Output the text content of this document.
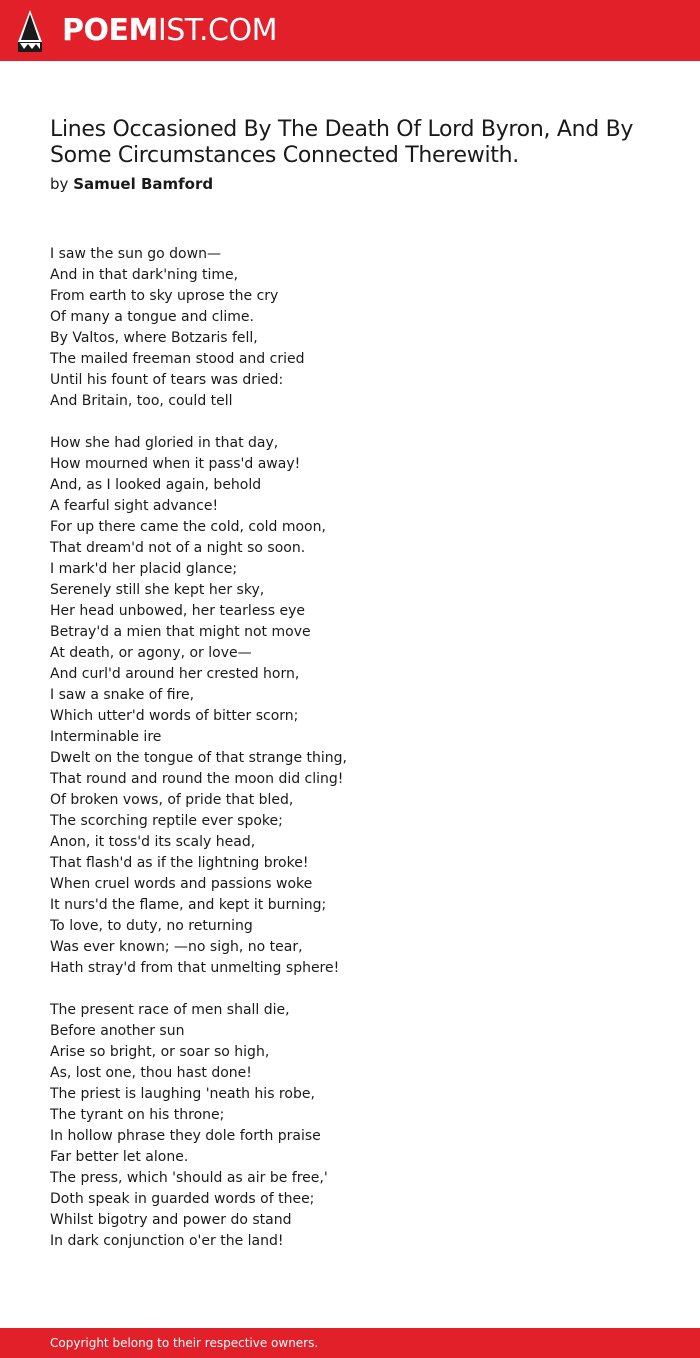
POEMIST.COM
Lines Occasioned By The Death Of Lord Byron, And By Some Circumstances Connected Therewith.
by Samuel Bamford
I saw the sun go down—
And in that dark'ning time,
From earth to sky uprose the cry
Of many a tongue and clime.
By Valtos, where Botzaris fell,
The mailed freeman stood and cried
Until his fount of tears was dried:
And Britain, too, could tell
How she had gloried in that day,
How mourned when it pass'd away!
And, as I looked again, behold
A fearful sight advance!
For up there came the cold, cold moon,
That dream'd not of a night so soon.
I mark'd her placid glance;
Serenely still she kept her sky,
Her head unbowed, her tearless eye
Betray'd a mien that might not move
At death, or agony, or love—
And curl'd around her crested horn,
I saw a snake of fire,
Which utter'd words of bitter scorn;
Interminable ire
Dwelt on the tongue of that strange thing,
That round and round the moon did cling!
Of broken vows, of pride that bled,
The scorching reptile ever spoke;
Anon, it toss'd its scaly head,
That flash'd as if the lightning broke!
When cruel words and passions woke
It nurs'd the flame, and kept it burning;
To love, to duty, no returning
Was ever known; —no sigh, no tear,
Hath stray'd from that unmelting sphere!
The present race of men shall die,
Before another sun
Arise so bright, or soar so high,
As, lost one, thou hast done!
The priest is laughing 'neath his robe,
The tyrant on his throne;
In hollow phrase they dole forth praise
Far better let alone.
The press, which 'should as air be free,'
Doth speak in guarded words of thee;
Whilst bigotry and power do stand
In dark conjunction o'er the land!
Copyright belong to their respective owners.
